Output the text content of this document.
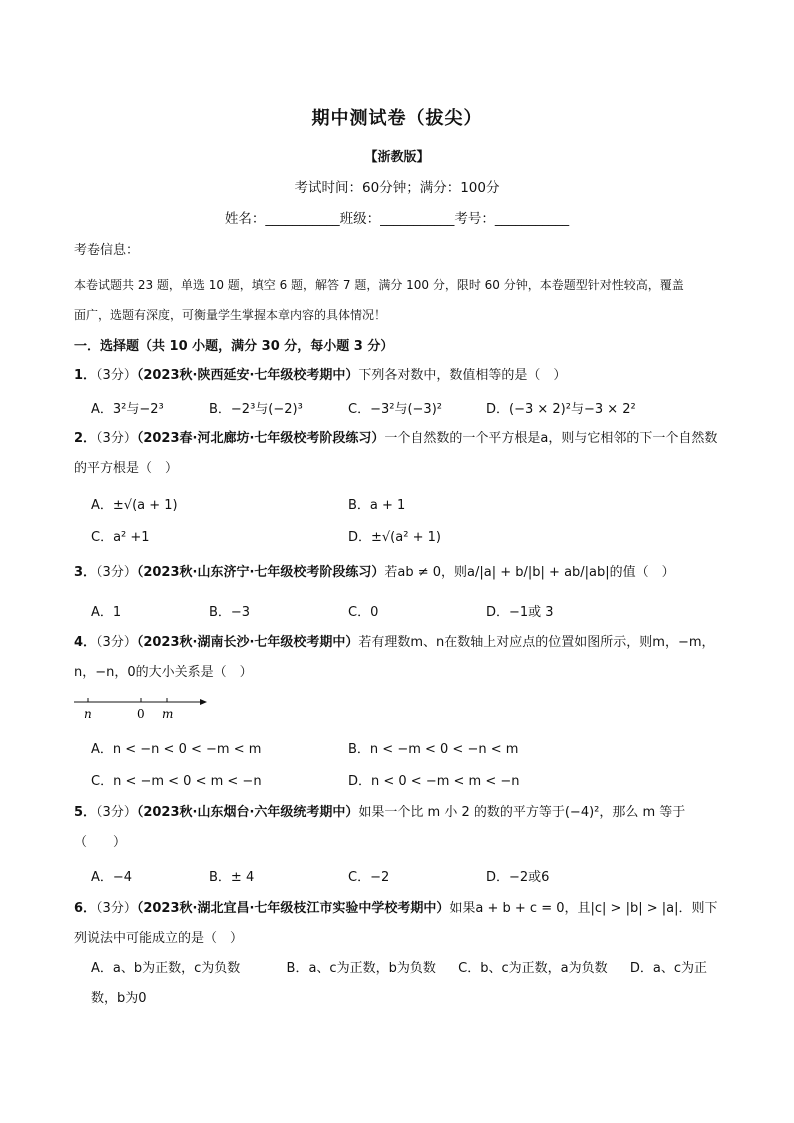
期中测试卷（拔尖）
【浙教版】
考试时间：60分钟；满分：100分
姓名：___________班级：___________考号：___________
考卷信息：
本卷试题共 23 题，单选 10 题，填空 6 题，解答 7 题，满分 100 分，限时 60 分钟，本卷题型针对性较高，覆盖
面广，选题有深度，可衡量学生掌握本章内容的具体情况！
一．选择题（共 10 小题，满分 30 分，每小题 3 分）
1．（3分）（2023秋·陕西延安·七年级校考期中）下列各对数中，数值相等的是（　）
A．3²与−2³	B．−2³与(−2)³	C．−3²与(−3)²	D．(−3 × 2)²与−3 × 2²
2．（3分）（2023春·河北廊坊·七年级校考阶段练习）一个自然数的一个平方根是a，则与它相邻的下一个自然数的平方根是（　）
A．±√(a + 1)	B．a + 1
C．a² +1	D．±√(a² + 1)
3．（3分）（2023秋·山东济宁·七年级校考阶段练习）若ab ≠ 0，则a/|a| + b/|b| + ab/|ab|的值（　）
A．1	B．−3	C．0	D．−1或 3
4．（3分）（2023秋·湖南长沙·七年级校考期中）若有理数m、n在数轴上对应点的位置如图所示，则m，−m，n，−n，0的大小关系是（　）
n	0 m
A．n < −n < 0 < −m < m	B．n < −m < 0 < −n < m
C．n < −m < 0 < m < −n	D．n < 0 < −m < m < −n
5．（3分）（2023秋·山东烟台·六年级统考期中）如果一个比 m 小 2 的数的平方等于(−4)²，那么 m 等于（　　）
A．−4	B．± 4	C．−2	D．−2或6
6．（3分）（2023秋·湖北宜昌·七年级枝江市实验中学校考期中）如果a + b + c = 0，且|c| > |b| > |a|．则下列说法中可能成立的是（　）
A．a、b为正数，c为负数	B．a、c为正数，b为负数 C．b、c为正数，a为负数 D．a、c为正数，b为0
